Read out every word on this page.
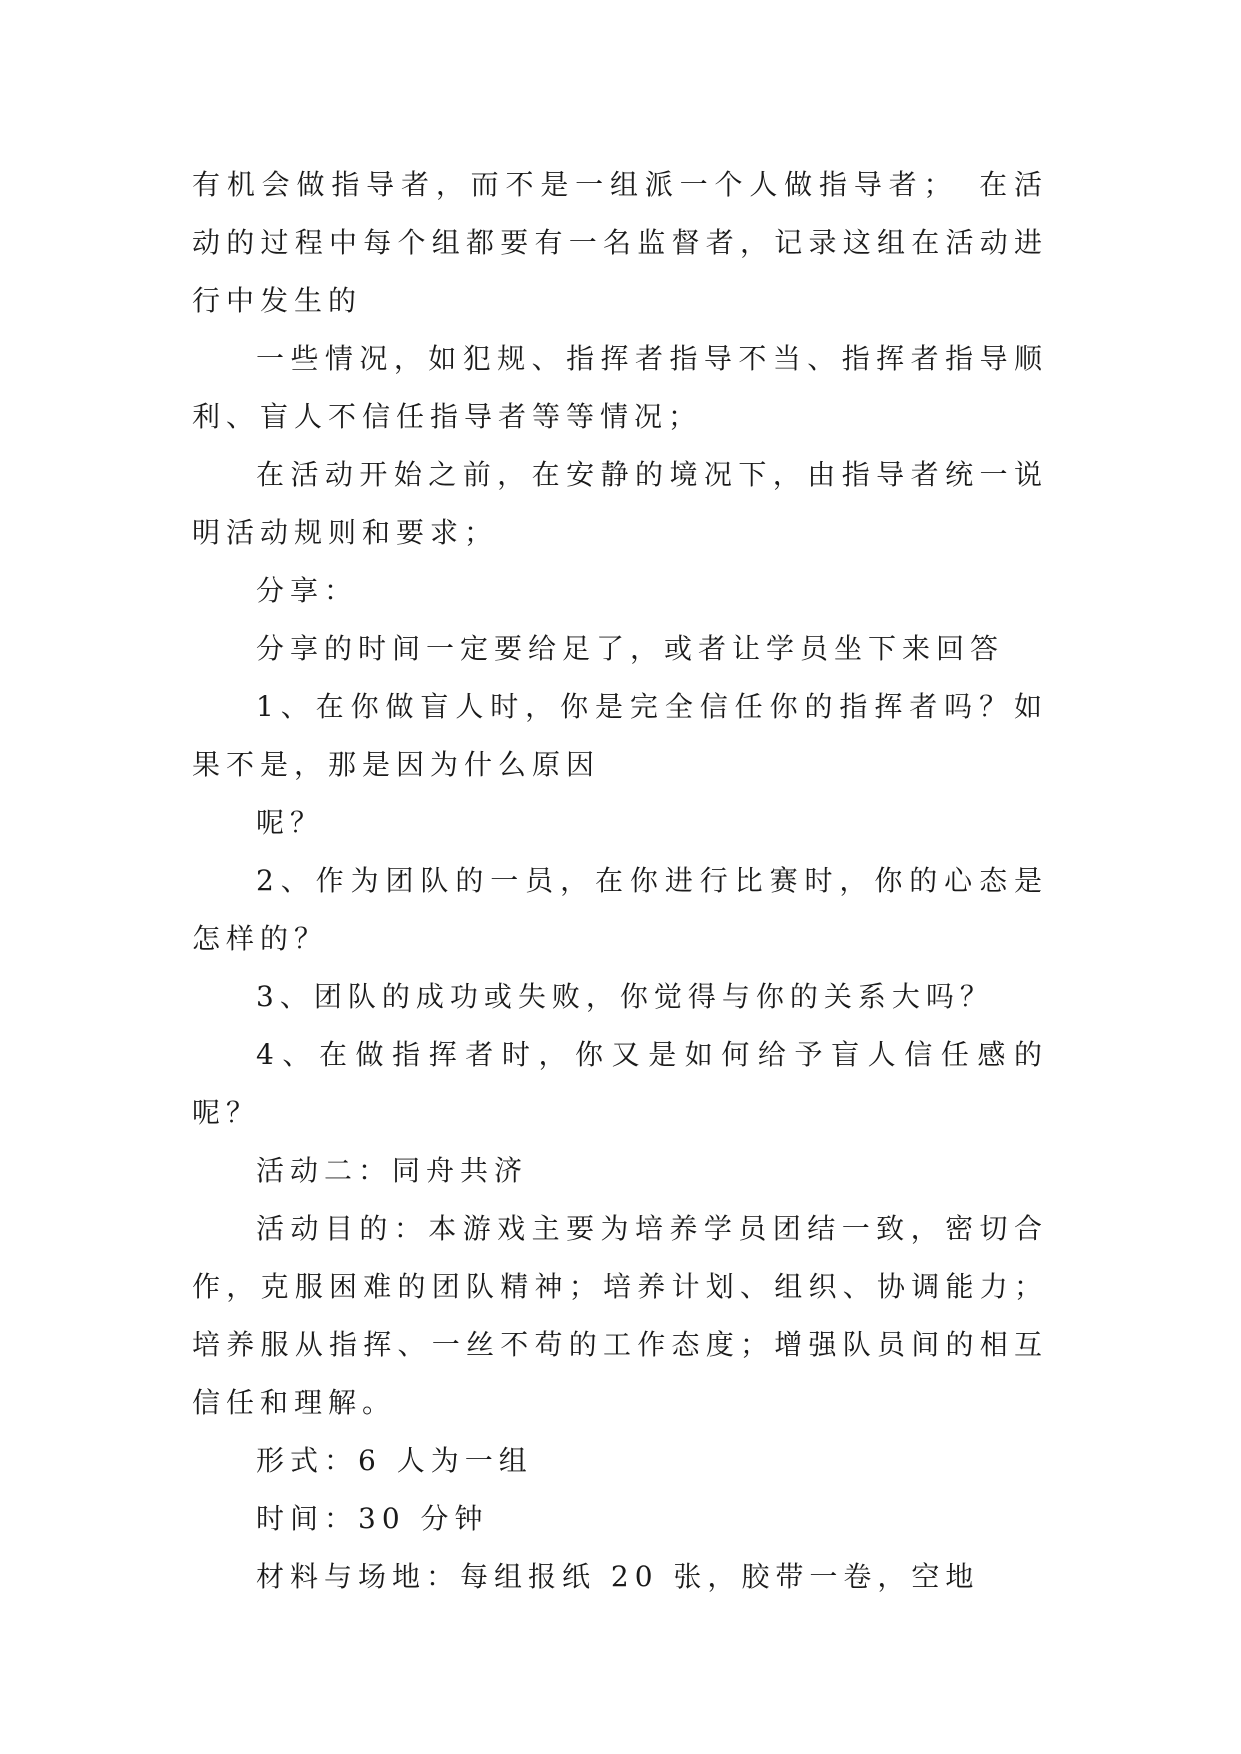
有机会做指导者，而不是一组派一个人做指导者；　在活动的过程中每个组都要有一名监督者，记录这组在活动进行中发生的

一些情况，如犯规、指挥者指导不当、指挥者指导顺利、盲人不信任指导者等等情况；

在活动开始之前，在安静的境况下，由指导者统一说明活动规则和要求；

分享：

分享的时间一定要给足了，或者让学员坐下来回答

1、在你做盲人时，你是完全信任你的指挥者吗？如果不是，那是因为什么原因

呢？

2、作为团队的一员，在你进行比赛时，你的心态是怎样的？

3、团队的成功或失败，你觉得与你的关系大吗？

4、在做指挥者时，你又是如何给予盲人信任感的呢？

活动二：同舟共济

活动目的：本游戏主要为培养学员团结一致，密切合作，克服困难的团队精神；培养计划、组织、协调能力；培养服从指挥、一丝不苟的工作态度；增强队员间的相互信任和理解。

形式：6 人为一组

时间：30 分钟

材料与场地：每组报纸 20 张，胶带一卷，空地
